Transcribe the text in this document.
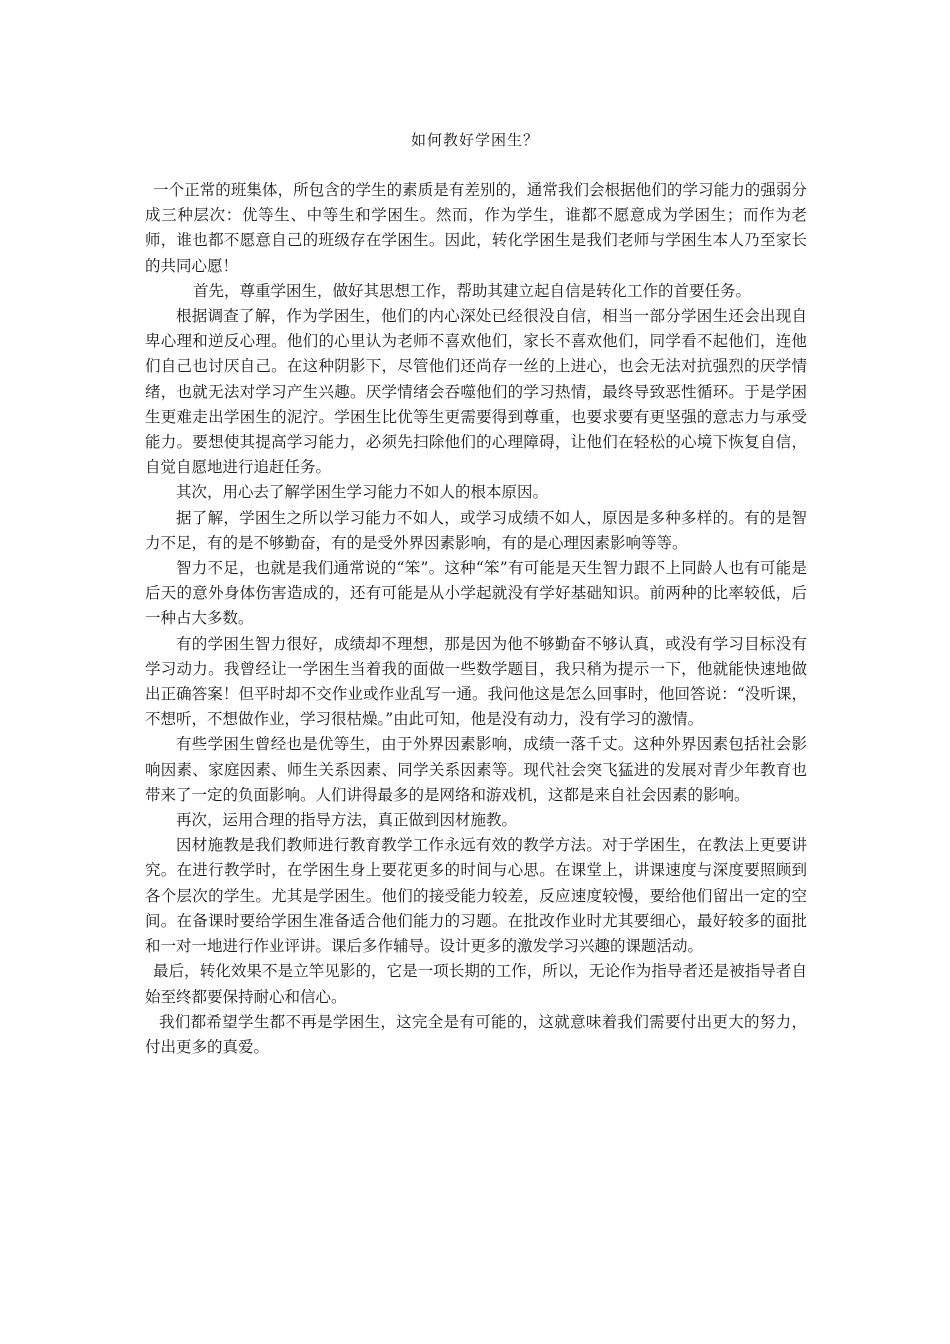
如何教好学困生？

一个正常的班集体，所包含的学生的素质是有差别的，通常我们会根据他们的学习能力的强弱分成三种层次：优等生、中等生和学困生。然而，作为学生，谁都不愿意成为学困生；而作为老师，谁也都不愿意自己的班级存在学困生。因此，转化学困生是我们老师与学困生本人乃至家长的共同心愿！

首先，尊重学困生，做好其思想工作，帮助其建立起自信是转化工作的首要任务。

根据调查了解，作为学困生，他们的内心深处已经很没自信，相当一部分学困生还会出现自卑心理和逆反心理。他们的心里认为老师不喜欢他们，家长不喜欢他们，同学看不起他们，连他们自己也讨厌自己。在这种阴影下，尽管他们还尚存一丝的上进心，也会无法对抗强烈的厌学情绪，也就无法对学习产生兴趣。厌学情绪会吞噬他们的学习热情，最终导致恶性循环。于是学困生更难走出学困生的泥泞。学困生比优等生更需要得到尊重，也要求要有更坚强的意志力与承受能力。要想使其提高学习能力，必须先扫除他们的心理障碍，让他们在轻松的心境下恢复自信，自觉自愿地进行追赶任务。

其次，用心去了解学困生学习能力不如人的根本原因。

据了解，学困生之所以学习能力不如人，或学习成绩不如人，原因是多种多样的。有的是智力不足，有的是不够勤奋，有的是受外界因素影响，有的是心理因素影响等等。

智力不足，也就是我们通常说的“笨”。这种“笨”有可能是天生智力跟不上同龄人也有可能是后天的意外身体伤害造成的，还有可能是从小学起就没有学好基础知识。前两种的比率较低，后一种占大多数。

有的学困生智力很好，成绩却不理想，那是因为他不够勤奋不够认真，或没有学习目标没有学习动力。我曾经让一学困生当着我的面做一些数学题目，我只稍为提示一下，他就能快速地做出正确答案！但平时却不交作业或作业乱写一通。我问他这是怎么回事时，他回答说：“没听课，不想听，不想做作业，学习很枯燥。”由此可知，他是没有动力，没有学习的激情。

有些学困生曾经也是优等生，由于外界因素影响，成绩一落千丈。这种外界因素包括社会影响因素、家庭因素、师生关系因素、同学关系因素等。现代社会突飞猛进的发展对青少年教育也带来了一定的负面影响。人们讲得最多的是网络和游戏机，这都是来自社会因素的影响。

再次，运用合理的指导方法，真正做到因材施教。

因材施教是我们教师进行教育教学工作永远有效的教学方法。对于学困生，在教法上更要讲究。在进行教学时，在学困生身上要花更多的时间与心思。在课堂上，讲课速度与深度要照顾到各个层次的学生。尤其是学困生。他们的接受能力较差，反应速度较慢，要给他们留出一定的空间。在备课时要给学困生准备适合他们能力的习题。在批改作业时尤其要细心，最好较多的面批和一对一地进行作业评讲。课后多作辅导。设计更多的激发学习兴趣的课题活动。

最后，转化效果不是立竿见影的，它是一项长期的工作，所以，无论作为指导者还是被指导者自始至终都要保持耐心和信心。

我们都希望学生都不再是学困生，这完全是有可能的，这就意味着我们需要付出更大的努力，付出更多的真爱。
